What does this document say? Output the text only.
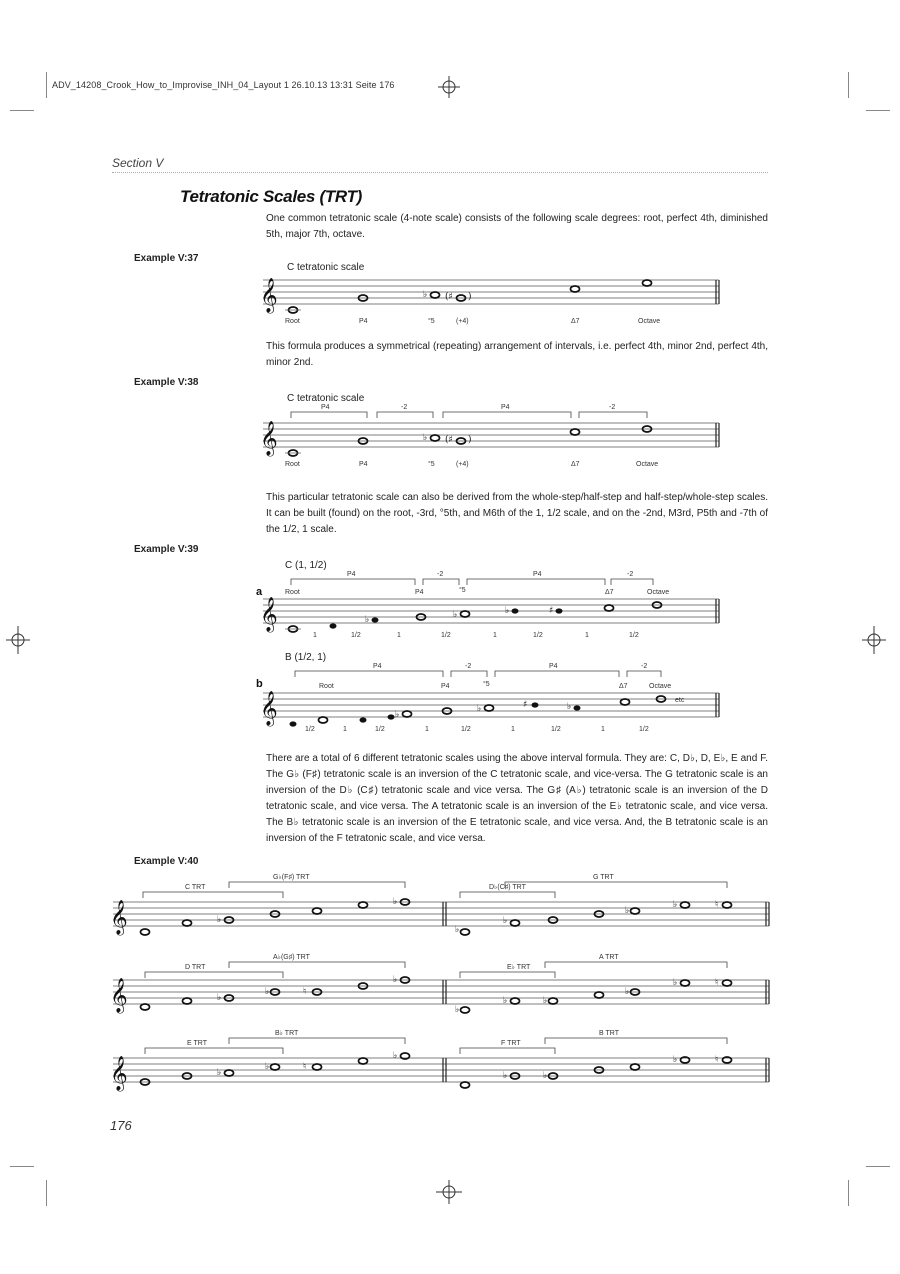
ADV_14208_Crook_How_to_Improvise_INH_04_Layout 1 26.10.13 13:31 Seite 176
Section V
Tetratonic Scales (TRT)
One common tetratonic scale (4-note scale) consists of the following scale degrees: root, perfect 4th, diminished 5th, major 7th, octave.
Example V:37
C tetratonic scale
𝄞	♭ (♯ )
Root	P4	°5	(+4)	Δ7	Octave
This formula produces a symmetrical (repeating) arrangement of intervals, i.e. perfect 4th, minor 2nd, perfect 4th, minor 2nd.
Example V:38
C tetratonic scale
P4	-2	P4	-2
𝄞	♭ (♯ )
Root	P4	°5	(+4)	Δ7	Octave
This particular tetratonic scale can also be derived from the whole-step/half-step and half-step/whole-step scales. It can be built (found) on the root, -3rd, °5th, and M6th of the 1, 1/2 scale, and on the -2nd, M3rd, P5th and -7th of the 1/2, 1 scale.
Example V:39
C (1, 1/2)
a
P4	-2	P4	-2
Root	P4	°5	Δ7	Octave
𝄞	♭	♭	♭	♯
1	1/2	1	1/2	1	1/2	1	1/2
B (1/2, 1)
b
P4	-2	P4	-2
Root	P4	°5	Δ7	Octave
𝄞	♭
♭	♯	♭
etc
1/2	1	1/2	1	1/2	1	1/2	1	1/2
There are a total of 6 different tetratonic scales using the above interval formula. They are: C, D♭, D, E♭, E and F. The G♭ (F♯) tetratonic scale is an inversion of the C tetratonic scale, and vice-versa. The G tetratonic scale is an inversion of the D♭ (C♯) tetratonic scale and vice versa. The G♯ (A♭) tetratonic scale is an inversion of the D tetratonic scale, and vice versa. The A tetratonic scale is an inversion of the E♭ tetratonic scale, and vice versa. The B♭ tetratonic scale is an inversion of the E tetratonic scale, and vice versa. And, the B tetratonic scale is an inversion of the F tetratonic scale, and vice versa.
Example V:40
C TRT
G♭(F♯) TRT
D♭(C♯) TRT
G TRT
𝄞	♭
♭
♭
♭
♭
♭	♮
D TRT
A♭(G♯) TRT
E♭ TRT
A TRT
𝄞	♭
♭	♮
♭
♭
♭	♭
♭
♭	♮
E TRT
B♭ TRT
F TRT
B TRT
𝄞	♭
♭	♮
♭
♭	♭
♭	♮
176
